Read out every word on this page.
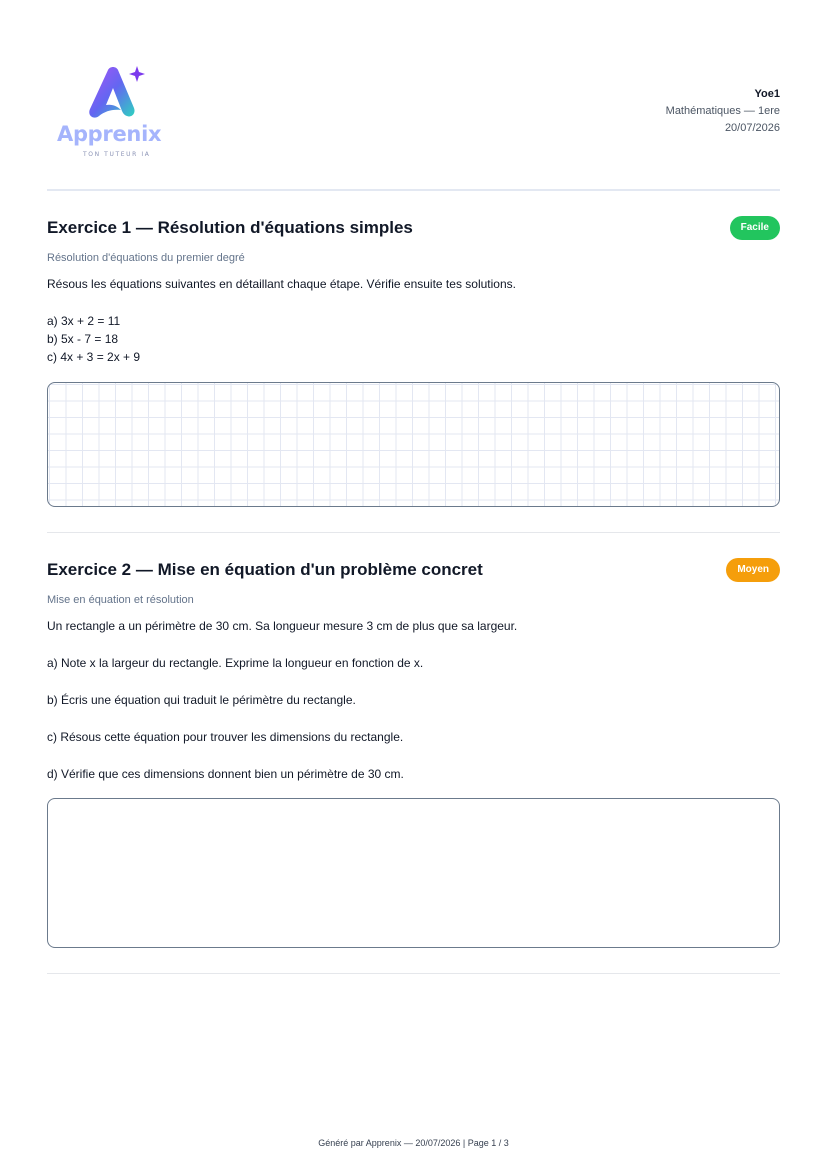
Apprenix
TON TUTEUR IA
Yoe1
Mathématiques — 1ere
20/07/2026
Exercice 1 — Résolution d'équations simples	Facile
Résolution d'équations du premier degré

Résous les équations suivantes en détaillant chaque étape. Vérifie ensuite tes solutions.

a) 3x + 2 = 11

b) 5x - 7 = 18

c) 4x + 3 = 2x + 9

Exercice 2 — Mise en équation d'un problème concret	Moyen
Mise en équation et résolution

Un rectangle a un périmètre de 30 cm. Sa longueur mesure 3 cm de plus que sa largeur.

a) Note x la largeur du rectangle. Exprime la longueur en fonction de x.

b) Écris une équation qui traduit le périmètre du rectangle.

c) Résous cette équation pour trouver les dimensions du rectangle.

d) Vérifie que ces dimensions donnent bien un périmètre de 30 cm.

Généré par Apprenix — 20/07/2026 | Page 1 / 3
